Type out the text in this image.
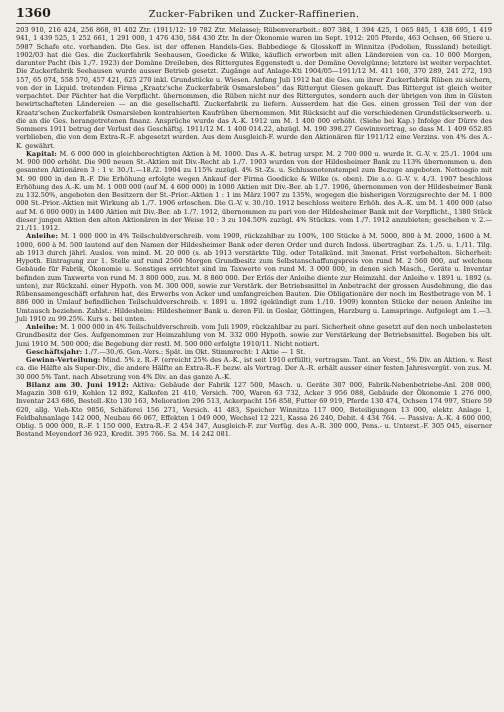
1360	Zucker-Fabriken und Zucker-Raffinerien.

203 910, 216 424, 256 868, 91 402 Ztr. (1911/12: 19 782 Ztr. Melasse); Rübenverarbeit.: 807 384, 1 394 425, 1 065 845, 1 438 695, 1 419 941, 1 439 525, 1 252 661, 1 291 000, 1 476 430, 584 430 Ztr. In der Ökonomie waren im Sept. 1912: 205 Pferde, 463 Ochsen, 66 Stiere u. 5987 Schafe etc. vorhanden. Die Ges. ist der offenen Handels-Ges. Babbediege & Glosskoff in Winnitza (Podolien, Russland) beteiligt. 1902/03 hat die Ges. die Zuckerfabrik Seehausen, Goedicke & Wilke, käuflich erworben mit allen Ländereien von ca. 10 000 Morgen, darunter Pacht (bis 1./7. 1923) der Domäne Dreileben, des Rittergutes Eggenstedt u. der Domäne Oevelgünne; letztere ist weiter verpachtet. Die Zuckerfabrik Seehausen wurde ausser Betrieb gesetzt. Zugänge auf Anlage-Kti 1904/05—1911/12 M. 411 160, 370 289, 241 272, 193 157, 65 074, 558 570, 457 421, 625 270 inkl. Grundstücke u. Wiesen. Anfang Juli 1912 hat die Ges. um ihrer Zuckerfabrik Rüben zu sichern, von der in Liquid. tretenden Firma „Kraatz'sche Zuckerfabrik Osmarsleben“ das Rittergut Giesen gekauft. Das Rittergut ist gleich weiter verpachtet. Der Pächter hat die Verpflicht. übernommen, die Rüben nicht nur des Rittergutes, sondern auch der übrigen von ihm in Güsten bewirtschafteten Ländereien — an die gesellschaftl. Zuckerfabrik zu liefern. Ausserdem hat die Ges. einen grossen Teil der von der Kraatz'schen Zuckerfabrik Osmarsleben kontrahierten Kaufrüben übernommen. Mit Rücksicht auf die verschiedenen Grundstückserwerb. u. die an die Ges. herangetretenen finanz. Ansprüche wurde das A.-K. 1912 um M. 1 400 000 erhöht. (Siehe bei Kap.) Infolge der Dürre des Sommers 1911 betrug der Verlust des Geschäftsj. 1911/12 M. 1 400 014.22, abzügl. M. 190 398.27 Gewinnvortrag, so dass M. 1 409 652.85 verblieben, die von dem Extra-R.-F. abgesetzt wurden. Aus dem Ausgleich-F. wurde den Aktionären für 1911/12 eine Verzins. von 4% des A.-K. gewährt.

Kapital: M. 6 000 000 in gleichberechtigten Aktien à M. 1000. Das A.-K. betrug urspr. M. 2 700 000 u. wurde lt. G.-V. v. 25./1. 1904 um M. 900 000 erhöht. Die 900 neuen St.-Aktien mit Div.-Recht ab 1./7. 1903 wurden von der Hildesheimer Bank zu 113% übernommen u. den gesamten Aktionären 3 : 1 v. 30./1.—18./2. 1904 zu 115% zuzügl. 4% St.-Zs. u. Schlussnotenstempel zum Bezuge angeboten. Nettoagio mit M. 90 000 in den R.-F. Die Erhöhung erfolgte wegen Ankauf der Firma Goedicke & Wilke (s. oben). Die a.o. G.-V. v. 4./3. 1907 beschloss Erhöhung des A.-K. um M. 1 000 000 (auf M. 4 600 000) in 1000 Aktien mit Div.-Ber. ab 1./7. 1906, übernommen von der Hildesheimer Bank zu 132.50%, angeboten den Besitzern der St.-Prior.-Aktien 1 : 1 im März 1907 zu 135%, wogegen die bisherigen Vorzugsrechte der M. 1 000 000 St.-Prior.-Aktien mit Wirkung ab 1./7. 1906 erloschen. Die G.-V. v. 30./10. 1912 beschloss weitere Erhöh. des A.-K. um M. 1 400 000 (also auf M. 6 000 000) in 1400 Aktien mit Div.-Ber. ab 1./7. 1912, übernommen zu pari von der Hildesheimer Bank mit der Verpflicht., 1380 Stück dieser jungen Aktien den alten Aktionären in der Weise 10 : 3 zu 104.50% zuzügl. 4% Stückzs. vom 1./7. 1912 anzubieten; geschehen v. 2.—21./11. 1912.

Anleihe: M. 1 000 000 in 4% Teilschuldverschreib. vom 1909, rückzahlbar zu 100%, 100 Stücke à M. 5000, 800 à M. 2000, 1600 à M. 1000, 600 à M. 500 lautend auf den Namen der Hildesheimer Bank oder deren Order und durch Indoss. übertragbar. Zs. 1./5. u. 1./11. Tilg. ab 1913 durch jährl. Auslos. von mind. M. 20 000 (s. ab 1913 verstärkte Tilg. oder Totalkünd. mit 3monat. Frist vorbehalten. Sicherheit: Hypoth. Eintragung zur 1. Stelle auf rund 2560 Morgen Grundbesitz zum Selbstanschaffungspreis von rund M. 2 560 000, auf welchem Gebäude für Fabrik, Ökonomie u. Sonstiges errichtet sind im Taxwerte von rund M. 3 000 000, in denen sich Masch., Geräte u. Inventar befinden zum Taxwerte von rund M. 3 800 000, zus. M. 8 860 000. Der Erlös der Anleihe diente zur Heimzahl. der Anleihe v. 1891 u. 1892 (s. unten), zur Rückzahl. einer Hypoth. von M. 300 000, sowie zur Verstärk. der Betriebsmittel in Anbetracht der grossen Ausdehnung, die das Rübensamengeschäft erfahren hat, des Erwerbs von Acker und umfangreichen Bauten. Die Obligationäre der noch im Restbetrage von M. 1 886 000 in Umlauf befindlichen Teilschuldverschreib. v. 1891 u. 1892 (gekündigt zum 1./10. 1909) konnten Stücke der neuen Anleihe im Umtausch beziehen. Zahlst.: Hildesheim: Hildesheimer Bank u. deren Fil. in Goslar, Göttingen, Harzburg u. Lamspringe. Aufgelegt am 1.—3. Juli 1910 zu 99.25%. Kurs s. bei unten.

Anleihe: M. 1 000 000 in 4% Teilschuldverschreib. vom Juli 1909, rückzahlbar zu pari. Sicherheit ohne gesetzt auf den noch unbelasteten Grundbesitz der Ges. Aufgenommen zur Heimzahlung von M. 332 000 Hypoth. sowie zur Verstärkung der Betriebsmittel. Begeben bis ult. Juni 1910 M. 500 000; die Begebung der restl. M. 500 000 erfolgte 1910/11. Nicht notiert.

Geschäftsjahr: 1./7.—30./6. Gen.-Vers.: Spät. im Okt. Stimmrecht: 1 Aktie — 1 St.

Gewinn-Verteilung: Mind. 5% z. R.-F. (erreicht 25% des A.-K., ist seit 1910 erfüllt), vertragsm. Tant. an Vorst., 5% Div. an Aktion. v. Rest ca. die Hälfte als Super-Div., die andere Hälfte an Extra-R.-F. bezw. als Vortrag. Der A.-R. erhält ausser einer festen Jahresvergüt. von zus. M. 30 000 5% Tant. nach Absetzung von 4% Div. an das ganze A.-K.

Bilanz am 30. Juni 1912: Aktiva: Gebäude der Fabrik 127 500, Masch. u. Geräte 307 000, Fabrik-Nebenbetriebe-Anl. 208 000, Magazin 308 619, Kohlen 12 892, Kalkofen 21 410, Versich. 700, Waren 63 732, Acker 3 956 088, Gebäude der Ökonomie 1 276 000, Inventar 243 686, Bestell.-Kto 130 163, Melioration 296 513, Ackerpacht 156 858, Futter 69 919, Pferde 130 474, Ochsen 174 997, Stiere 59 620, allg. Vieh-Kto 9856, Schäferei 156 271, Versich. 41 483, Speicher Winnitza 117 000, Beteiligungen 13 000, elektr. Anlage 1, Feldbahnanlage 142 000, Neubau 66 067, Effekten 1 049 000, Wechsel 12 221, Kassa 26 240, Debit. 4 434 764. — Passiva: A.-K. 4 600 000, Oblig. 5 000 000, R.-F. 1 150 000, Extra-R.-F. 2 454 347, Ausgleich-F. zur Verfüg. des A.-R. 300 000, Pens.- u. Unterst.-F. 305 045, eiserner Bestand Meyendorf 36 923, Kredit. 395 766. Sa. M. 14 242 081.
